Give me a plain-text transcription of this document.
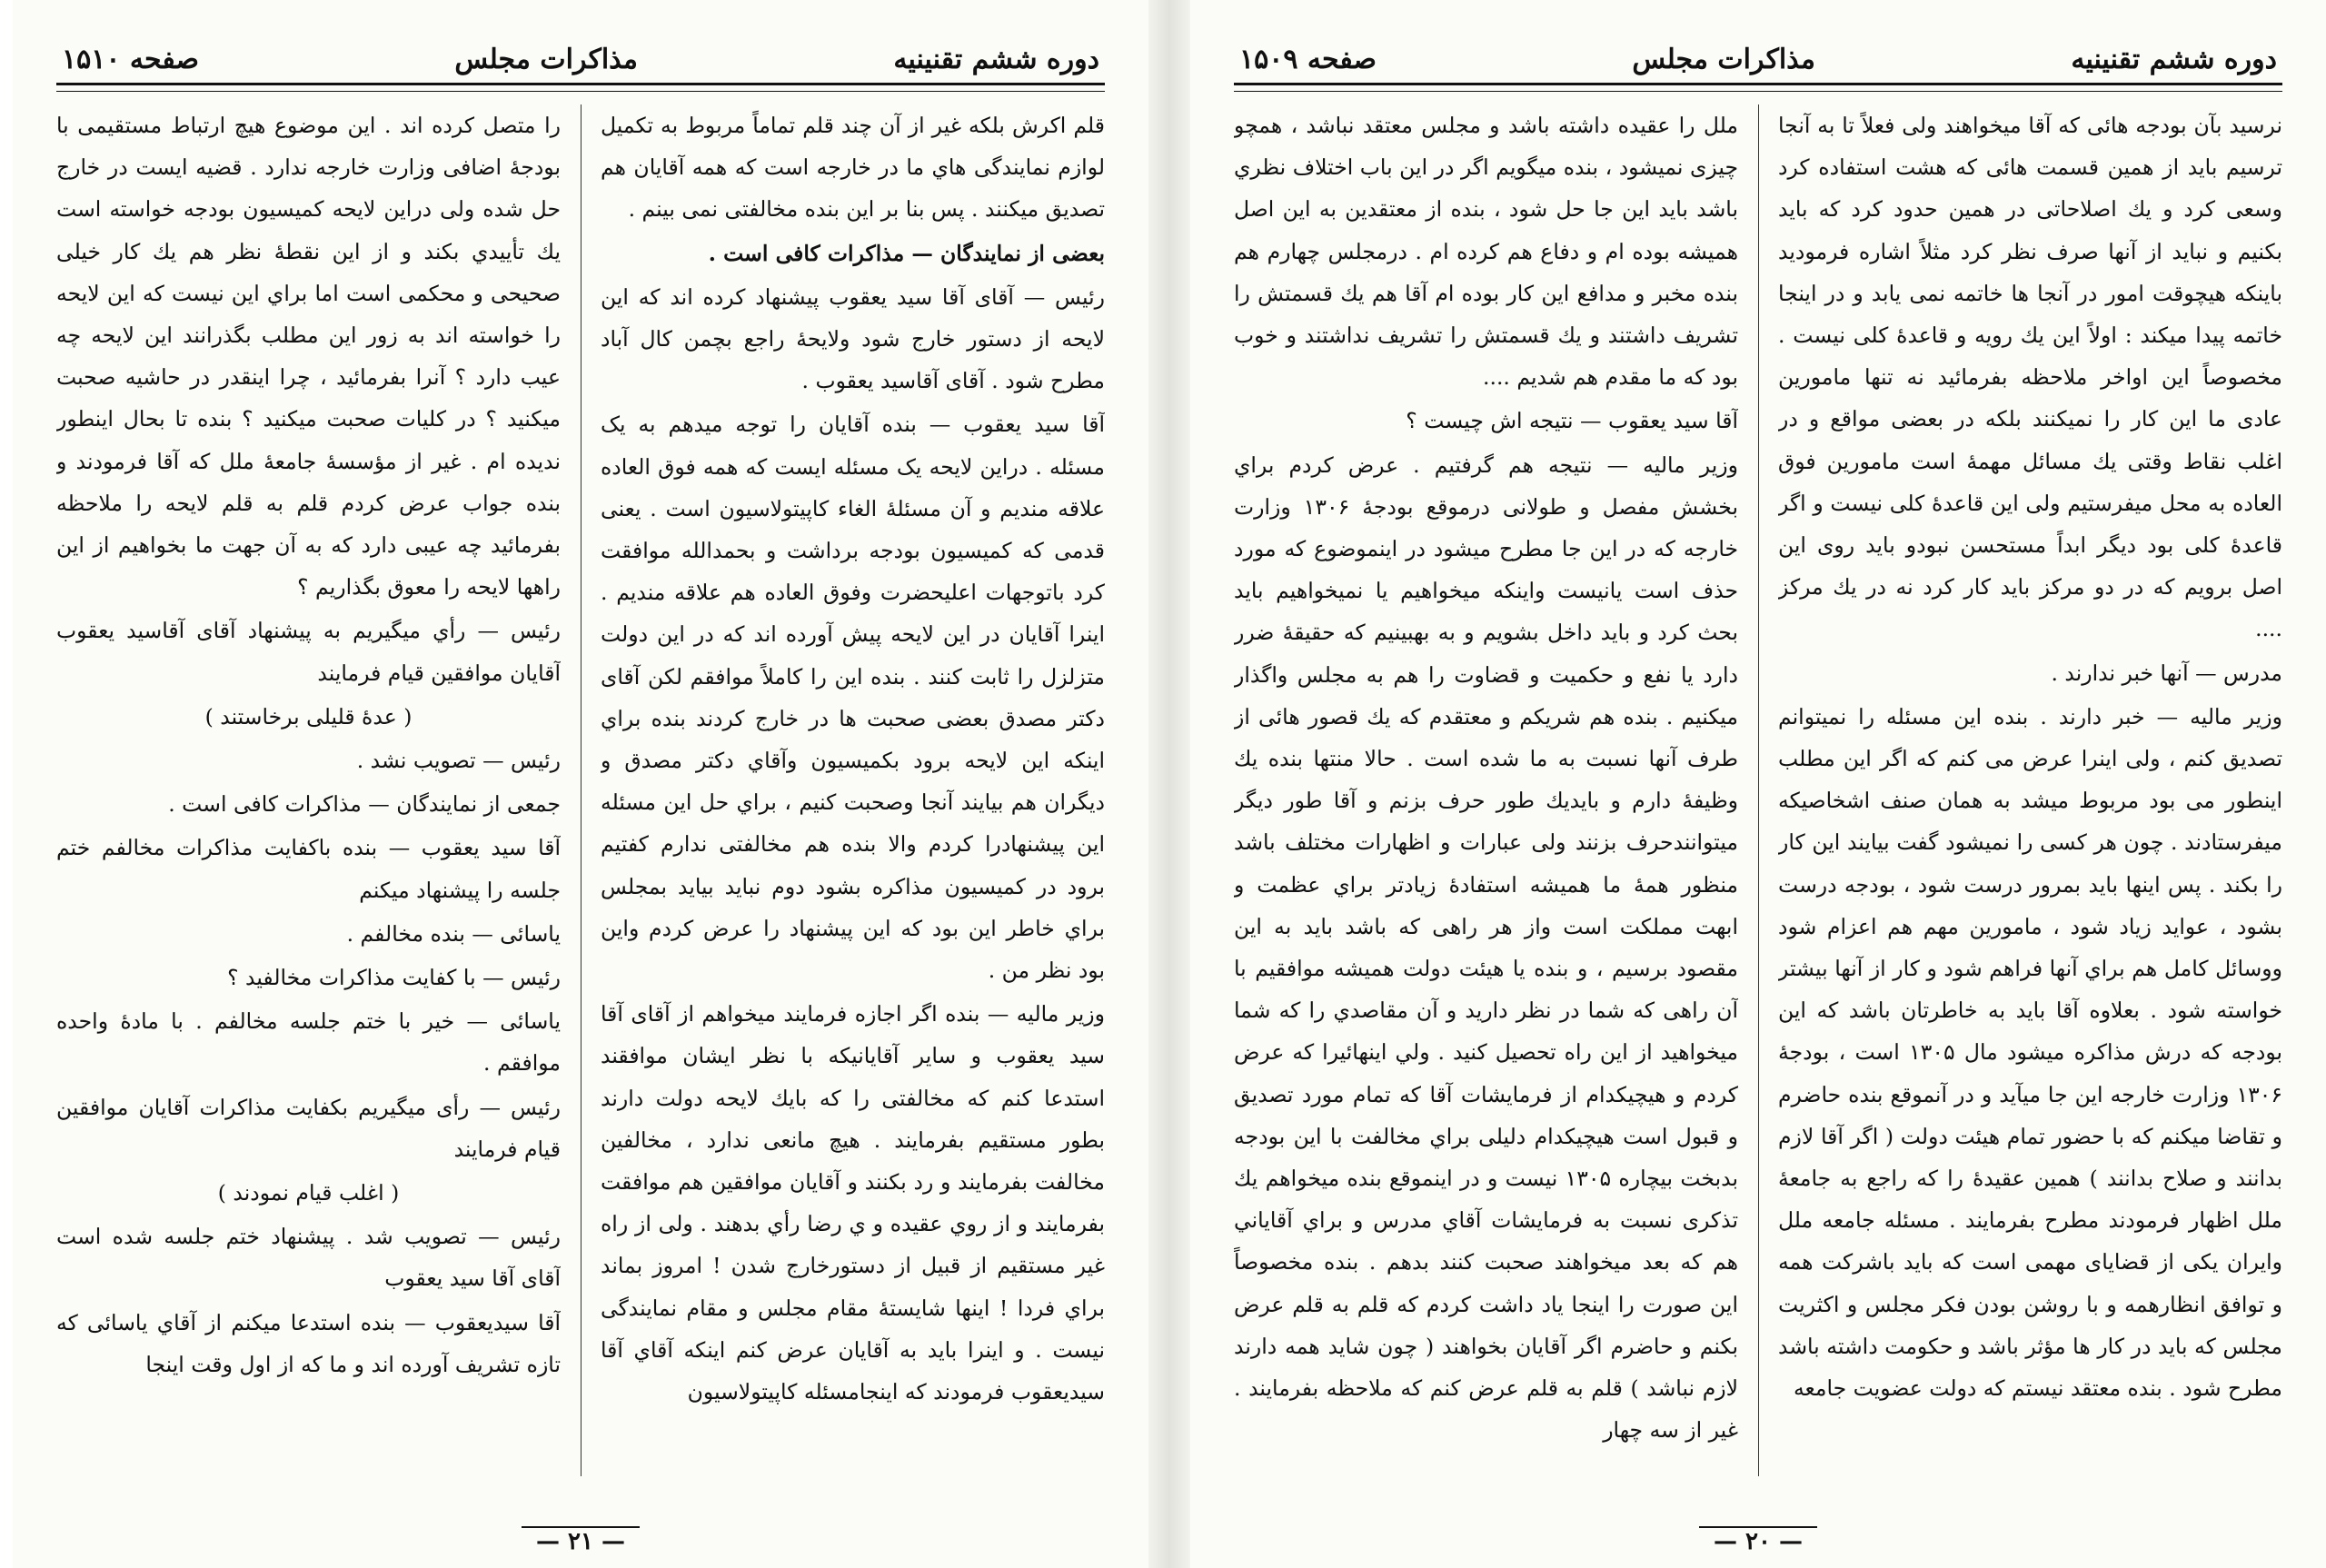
دوره ششم تقنینیه
مذاکرات مجلس
صفحه ۱۵۱۰

قلم اکرش بلکه غیر از آن چند قلم تماماً مربوط به تکمیل لوازم نمایندگی هاي ما در خارجه است که همه آقایان هم تصدیق میکنند . پس بنا بر این بنده مخالفتی نمی بینم .

بعضی از نمایندگان — مذاکرات کافی است .

رئیس — آقای آقا سید یعقوب پیشنهاد کرده اند که این لایحه از دستور خارج شود ولایحهٔ راجع بچمن کال آباد مطرح شود . آقای آقاسید یعقوب .

آقا سید یعقوب — بنده آقایان را توجه میدهم به یک مسئله . دراین لایحه یک مسئله ایست که همه فوق العاده علاقه مندیم و آن مسئلهٔ الغاء کاپیتولاسیون است . یعنی قدمی که کمیسیون بودجه برداشت و بحمدالله موافقت کرد باتوجهات اعلیحضرت وفوق العاده هم علاقه مندیم . اینرا آقایان در این لایحه پیش آورده اند که در این دولت متزلزل را ثابت کنند . بنده این را کاملاً موافقم لکن آقای دکتر مصدق بعضی صحبت ها در خارج کردند بنده براي اینکه این لایحه برود بکمیسیون وآقاي دکتر مصدق و دیگران هم بیایند آنجا وصحبت کنیم ، براي حل این مسئله این پیشنهادرا کردم والا بنده هم مخالفتی ندارم کفتیم برود در کمیسیون مذاکره بشود دوم نباید بیاید بمجلس براي خاطر این بود که این پیشنهاد را عرض کردم واین بود نظر من .

وزیر مالیه — بنده اگر اجازه فرمایند میخواهم از آقای آقا سید یعقوب و سایر آقایانیکه با نظر ایشان موافقند استدعا کنم که مخالفتی را که بایك لایحه دولت دارند بطور مستقیم بفرمایند . هیچ مانعی ندارد ، مخالفین مخالفت بفرمایند و رد بکنند و آقایان موافقین هم موافقت بفرمایند و از روي عقیده و ي رضا رأي بدهند . ولی از راه غیر مستقیم از قبیل از دستورخارج شدن ! امروز بماند براي فردا ! اینها شایستهٔ مقام مجلس و مقام نمایندگی نیست . و اینرا باید به آقایان عرض کنم اینکه آقاي آقا سیدیعقوب فرمودند که اینجامسئله کاپیتولاسیون

را متصل کرده اند . این موضوع هیچ ارتباط مستقیمی با بودجهٔ اضافی وزارت خارجه ندارد . قضیه ایست در خارج حل شده ولی دراین لایحه کمیسیون بودجه خواسته است یك تأییدي بکند و از این نقطهٔ نظر هم یك کار خیلی صحیحی و محکمی است اما براي این نیست که این لایحه را خواسته اند به زور این مطلب بگذرانند این لایحه چه عیب دارد ؟ آنرا بفرمائید ، چرا اینقدر در حاشیه صحبت میکنید ؟ در کلیات صحبت میکنید ؟ بنده تا بحال اینطور ندیده ام . غیر از مؤسسهٔ جامعهٔ ملل که آقا فرمودند و بنده جواب عرض کردم قلم به قلم لایحه را ملاحظه بفرمائید چه عیبی دارد که به آن جهت ما بخواهیم از این راهها لایحه را معوق بگذاریم ؟

رئیس — رأي میگیریم به پیشنهاد آقای آقاسید یعقوب آقایان موافقین قیام فرمایند

( عدهٔ قلیلی برخاستند )

رئیس — تصویب نشد .

جمعی از نمایندگان — مذاکرات کافی است .

آقا سید یعقوب — بنده باکفایت مذاکرات مخالفم ختم جلسه را پیشنهاد میکنم

یاسائی — بنده مخالفم .

رئیس — با کفایت مذاکرات مخالفید ؟

یاسائی — خیر با ختم جلسه مخالفم . با مادهٔ واحده موافقم .

رئیس — رأی میگیریم بکفایت مذاکرات آقایان موافقین قیام فرمایند

( اغلب قیام نمودند )

رئیس — تصویب شد . پیشنهاد ختم جلسه شده است آقای آقا سید یعقوب

آقا سیدیعقوب — بنده استدعا میکنم از آقاي یاسائی که تازه تشریف آورده اند و ما که از اول وقت اینجا

— ۲۱ —
دوره ششم تقنینیه
مذاکرات مجلس
صفحه ۱۵۰۹

نرسید بآن بودجه هائی که آقا میخواهند ولی فعلاً تا به آنجا ترسیم باید از همین قسمت هائی که هشت استفاده کرد وسعی کرد و یك اصلاحاتی در همین حدود کرد که باید بکنیم و نباید از آنها صرف نظر کرد مثلاً اشاره فرمودید باینکه هیچوقت امور در آنجا ها خاتمه نمی یابد و در اینجا خاتمه پیدا میکند : اولاً این یك رویه و قاعدهٔ کلی نیست . مخصوصاً این اواخر ملاحظه بفرمائید نه تنها مامورین عادی ما این کار را نمیکنند بلکه در بعضی مواقع و در اغلب نقاط وقتی یك مسائل مهمهٔ است مامورین فوق العاده به محل میفرستیم ولی این قاعدهٔ کلی نیست و اگر قاعدهٔ کلی بود دیگر ابداً مستحسن نبودو باید روی این اصل برویم که در دو مرکز باید کار کرد نه در یك مرکز ....

مدرس — آنها خبر ندارند .

وزیر مالیه — خبر دارند . بنده این مسئله را نمیتوانم تصدیق کنم ، ولی اینرا عرض می کنم که اگر این مطلب اینطور می بود مربوط میشد به همان صنف اشخاصیکه میفرستادند . چون هر کسی را نمیشود گفت بیایند این کار را بکند . پس اینها باید بمرور درست شود ، بودجه درست بشود ، عواید زیاد شود ، مامورین مهم هم اعزام شود ووسائل کامل هم براي آنها فراهم شود و کار از آنها بیشتر خواسته شود . بعلاوه آقا باید به خاطرتان باشد که این بودجه که درش مذاکره میشود مال ۱۳۰۵ است ، بودجهٔ ۱۳۰۶ وزارت خارجه این جا میآید و در آنموقع بنده حاضرم و تقاضا میکنم که با حضور تمام هیئت دولت ( اگر آقا لازم بدانند و صلاح بدانند ) همین عقیدهٔ را که راجع به جامعهٔ ملل اظهار فرمودند مطرح بفرمایند . مسئله جامعه ملل وایران یکی از قضایای مهمی است که باید باشرکت همه و توافق انظارهمه و با روشن بودن فکر مجلس و اکثریت مجلس که باید در کار ها مؤثر باشد و حکومت داشته باشد مطرح شود . بنده معتقد نیستم که دولت عضویت جامعه

ملل را عقیده داشته باشد و مجلس معتقد نباشد ، همچو چیزی نمیشود ، بنده میگویم اگر در این باب اختلاف نظري باشد باید این جا حل شود ، بنده از معتقدین به این اصل همیشه بوده ام و دفاع هم کرده ام . درمجلس چهارم هم بنده مخبر و مدافع این کار بوده ام آقا هم یك قسمتش را تشریف داشتند و یك قسمتش را تشریف نداشتند و خوب بود که ما مقدم هم شدیم ....

آقا سید یعقوب — نتیجه اش چیست ؟

وزیر مالیه — نتیجه هم گرفتیم . عرض کردم براي بخشش مفصل و طولانی درموقع بودجهٔ ۱۳۰۶ وزارت خارجه که در این جا مطرح میشود در اینموضوع که مورد حذف است یانیست واینکه میخواهیم یا نمیخواهیم باید بحث کرد و باید داخل بشویم و به بهبینیم که حقیقهٔ ضرر دارد یا نفع و حکمیت و قضاوت را هم به مجلس واگذار میکنیم . بنده هم شریکم و معتقدم که یك قصور هائی از طرف آنها نسبت به ما شده است . حالا منتها بنده یك وظیفهٔ دارم و بایدیك طور حرف بزنم و آقا طور دیگر میتوانندحرف بزنند ولی عبارات و اظهارات مختلف باشد منظور همهٔ ما همیشه استفادهٔ زیادتر براي عظمت و ابهت مملکت است واز هر راهی که باشد باید به این مقصود برسیم ، و بنده یا هیئت دولت همیشه موافقیم با آن راهی که شما در نظر دارید و آن مقاصدي را که شما میخواهید از این راه تحصیل کنید . ولي اینهائیرا که عرض کردم و هیچیکدام از فرمایشات آقا که تمام مورد تصدیق و قبول است هیچیکدام دلیلی براي مخالفت با این بودجه بدبخت بیچاره ۱۳۰۵ نیست و در اینموقع بنده میخواهم یك تذکری نسبت به فرمایشات آقاي مدرس و براي آقایاني هم که بعد میخواهند صحبت کنند بدهم . بنده مخصوصاً این صورت را اینجا یاد داشت کردم که قلم به قلم عرض بکنم و حاضرم اگر آقایان بخواهند ( چون شاید همه دارند لازم نباشد ) قلم به قلم عرض کنم که ملاحظه بفرمایند . غیر از سه چهار

— ۲۰ —
